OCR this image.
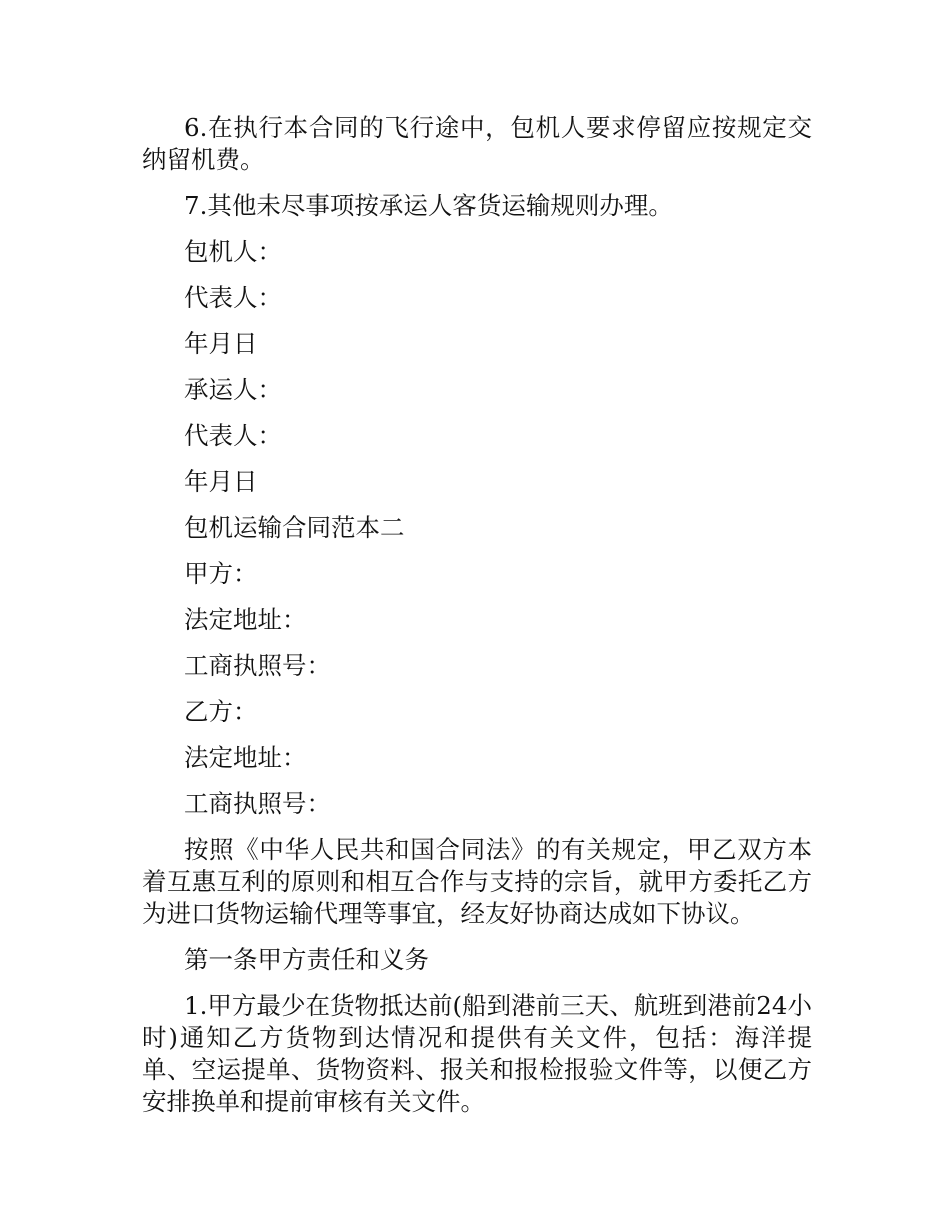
6.在执行本合同的飞行途中，包机人要求停留应按规定交纳留机费。

7.其他未尽事项按承运人客货运输规则办理。

包机人：

代表人：

年月日

承运人：

代表人：

年月日

包机运输合同范本二

甲方：

法定地址：

工商执照号：

乙方：

法定地址：

工商执照号：

按照《中华人民共和国合同法》的有关规定，甲乙双方本着互惠互利的原则和相互合作与支持的宗旨，就甲方委托乙方为进口货物运输代理等事宜，经友好协商达成如下协议。

第一条甲方责任和义务

1.甲方最少在货物抵达前(船到港前三天、航班到港前24小时)通知乙方货物到达情况和提供有关文件，包括：海洋提单、空运提单、货物资料、报关和报检报验文件等，以便乙方安排换单和提前审核有关文件。
